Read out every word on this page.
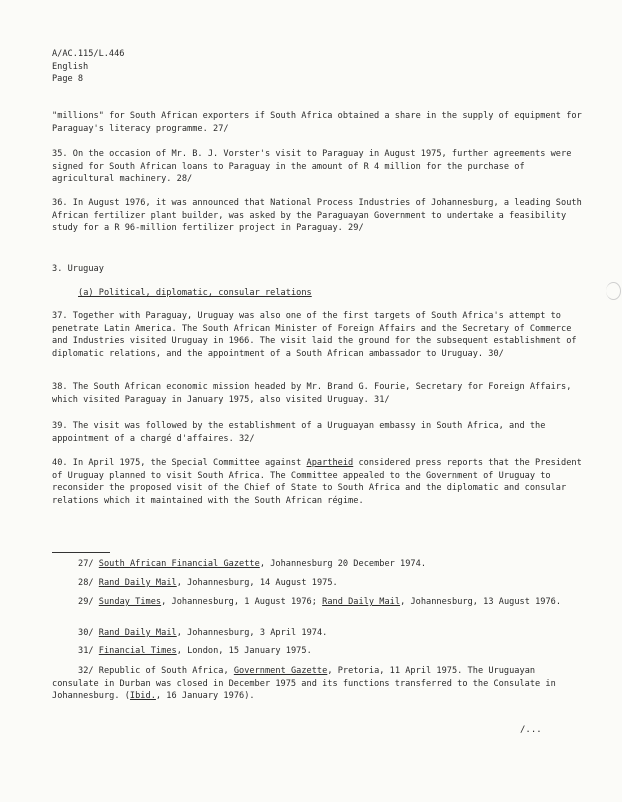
A/AC.115/L.446
English
Page 8

"millions" for South African exporters if South Africa obtained a share in the supply of equipment for Paraguay's literacy programme. 27/

35. On the occasion of Mr. B. J. Vorster's visit to Paraguay in August 1975, further agreements were signed for South African loans to Paraguay in the amount of R 4 million for the purchase of agricultural machinery. 28/

36. In August 1976, it was announced that National Process Industries of Johannesburg, a leading South African fertilizer plant builder, was asked by the Paraguayan Government to undertake a feasibility study for a R 96-million fertilizer project in Paraguay. 29/

3. Uruguay

(a) Political, diplomatic, consular relations

37. Together with Paraguay, Uruguay was also one of the first targets of South Africa's attempt to penetrate Latin America. The South African Minister of Foreign Affairs and the Secretary of Commerce and Industries visited Uruguay in 1966. The visit laid the ground for the subsequent establishment of diplomatic relations, and the appointment of a South African ambassador to Uruguay. 30/

38. The South African economic mission headed by Mr. Brand G. Fourie, Secretary for Foreign Affairs, which visited Paraguay in January 1975, also visited Uruguay. 31/

39. The visit was followed by the establishment of a Uruguayan embassy in South Africa, and the appointment of a chargé d'affaires. 32/

40. In April 1975, the Special Committee against Apartheid considered press reports that the President of Uruguay planned to visit South Africa. The Committee appealed to the Government of Uruguay to reconsider the proposed visit of the Chief of State to South Africa and the diplomatic and consular relations which it maintained with the South African régime.

27/ South African Financial Gazette, Johannesburg 20 December 1974.

28/ Rand Daily Mail, Johannesburg, 14 August 1975.

29/ Sunday Times, Johannesburg, 1 August 1976; Rand Daily Mail, Johannesburg, 13 August 1976.

30/ Rand Daily Mail, Johannesburg, 3 April 1974.

31/ Financial Times, London, 15 January 1975.

32/ Republic of South Africa, Government Gazette, Pretoria, 11 April 1975. The Uruguayan consulate in Durban was closed in December 1975 and its functions transferred to the Consulate in Johannesburg. (Ibid., 16 January 1976).

/...
